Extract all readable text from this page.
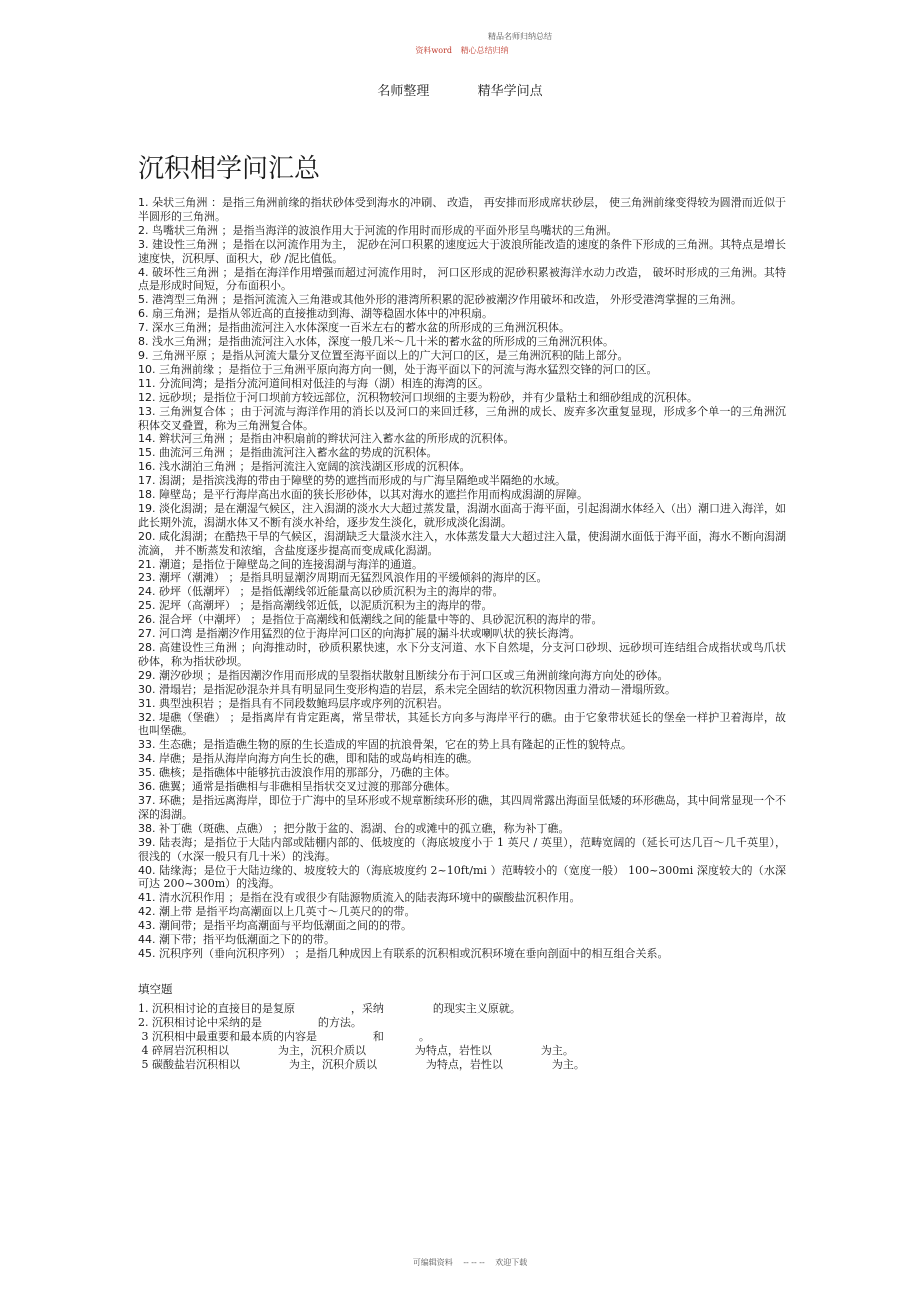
精品名师归纳总结
资料word 精心总结归纳
名师整理	精华学问点
沉积相学问汇总

1. 朵状三角洲 ：是指三角洲前缘的指状砂体受到海水的冲刷、 改造， 再安排而形成席状砂层， 使三角洲前缘变得较为圆滑而近似于半圆形的三角洲。

2. 鸟嘴状三角洲 ；是指当海洋的波浪作用大于河流的作用时而形成的平面外形呈鸟嘴状的三角洲。

3. 建设性三角洲 ；是指在以河流作用为主， 泥砂在河口积累的速度远大于波浪所能改造的速度的条件下形成的三角洲。其特点是增长速度快，沉积厚、面积大，砂 /泥比值低。

4. 破坏性三角洲 ；是指在海洋作用增强而超过河流作用时， 河口区形成的泥砂积累被海洋水动力改造， 破坏时形成的三角洲。其特点是形成时间短，分布面积小。

5. 港湾型三角洲 ；是指河流流入三角港或其他外形的港湾所积累的泥砂被潮汐作用破坏和改造， 外形受港湾掌握的三角洲。

6. 扇三角洲；是指从邻近高的直接推动到海、湖等稳固水体中的冲积扇。

7. 深水三角洲；是指曲流河注入水体深度一百米左右的蓄水盆的所形成的三角洲沉积体。

8. 浅水三角洲；是指曲流河注入水体，深度一般几米～几十米的蓄水盆的所形成的三角洲沉积体。

9. 三角洲平原 ；是指从河流大量分叉位置至海平面以上的广大河口的区，是三角洲沉积的陆上部分。

10. 三角洲前缘 ；是指位于三角洲平原向海方向一侧，处于海平面以下的河流与海水猛烈交锋的河口的区。

11. 分流间湾；是指分流河道间相对低洼的与海（湖）相连的海湾的区。

12. 远砂坝；是指位于河口坝前方较远部位，沉积物较河口坝细的主要为粉砂，并有少量粘土和细砂组成的沉积体。

13. 三角洲复合体 ；由于河流与海洋作用的消长以及河口的来回迁移，三角洲的成长、废弃多次重复显现，形成多个单一的三角洲沉积体交叉叠置，称为三角洲复合体。

14. 辫状河三角洲 ；是指由冲积扇前的辫状河注入蓄水盆的所形成的沉积体。

15. 曲流河三角洲 ；是指曲流河注入蓄水盆的势成的沉积体。

16. 浅水湖泊三角洲 ；是指河流注入宽阔的滨浅湖区形成的沉积体。

17. 潟湖；是指滨浅海的带由于障壁的势的遮挡而形成的与广海呈隔绝或半隔绝的水域。

18. 障壁岛；是平行海岸高出水面的狭长形砂体，以其对海水的遮拦作用而构成潟湖的屏障。

19. 淡化潟湖；是在潮湿气候区，注入潟湖的淡水大大超过蒸发量，潟湖水面高于海平面，引起潟湖水体经入（出）潮口进入海洋，如此长期外流，潟湖水体又不断有淡水补给，逐步发生淡化，就形成淡化潟湖。

20. 咸化潟湖；在酷热干旱的气候区，潟湖缺乏大量淡水注入，水体蒸发量大大超过注入量，使潟湖水面低于海平面，海水不断向潟湖流滴， 并不断蒸发和浓缩，含盐度逐步提高而变成咸化潟湖。

21. 潮道；是指位于障壁岛之间的连接潟湖与海洋的通道。

23. 潮坪（潮滩） ；是指具明显潮汐周期而无猛烈风浪作用的平缓倾斜的海岸的区。

24. 砂坪（低潮坪） ；是指低潮线邻近能量高以砂质沉积为主的海岸的带。

25. 泥坪（高潮坪） ；是指高潮线邻近低，以泥质沉积为主的海岸的带。

26. 混合坪（中潮坪） ；是指位于高潮线和低潮线之间的能量中等的、具砂泥沉积的海岸的带。

27. 河口湾 是指潮汐作用猛烈的位于海岸河口区的向海扩展的漏斗状或喇叭状的狭长海湾。

28. 高建设性三角洲 ；向海推动时，砂质积累快速，水下分支河道、水下自然堤，分支河口砂坝、远砂坝可连结组合成指状或鸟爪状砂体，称为指状砂坝。

29. 潮汐砂坝 ；是指因潮汐作用而形成的呈裂指状散射且断续分布于河口区或三角洲前缘向海方向处的砂体。

30. 滑塌岩；是指泥砂混杂并具有明显同生变形构造的岩层，系未完全固结的软沉积物因重力滑动－滑塌所致。

31. 典型浊积岩 ；是指具有不同段数鲍玛层序或序列的沉积岩。

32. 堤礁（堡礁） ；是指离岸有肯定距离，常呈带状，其延长方向多与海岸平行的礁。由于它象带状延长的堡垒一样护卫着海岸，故也叫堡礁。

33. 生态礁；是指造礁生物的原的生长造成的牢固的抗浪骨架，它在的势上具有隆起的正性的貌特点。

34. 岸礁；是指从海岸向海方向生长的礁，即和陆的或岛屿相连的礁。

35. 礁核；是指礁体中能够抗击波浪作用的那部分，乃礁的主体。

36. 礁翼；通常是指礁相与非礁相呈指状交叉过渡的那部分礁体。

37. 环礁；是指远离海岸，即位于广海中的呈环形或不规章断续环形的礁，其四周常露出海面呈低矮的环形礁岛，其中间常显现一个不深的潟湖。

38. 补丁礁（斑礁、点礁） ；把分散于盆的、潟湖、台的或滩中的孤立礁，称为补丁礁。

39. 陆表海；是指位于大陆内部或陆棚内部的、低坡度的（海底坡度小于 1 英尺 / 英里），范畴宽阔的（延长可达几百～几千英里），很浅的（水深一般只有几十米）的浅海。

40. 陆缘海；是位于大陆边缘的、坡度较大的（海底坡度约 2~10ft/mi ）范畴较小的（宽度一般） 100~300mi 深度较大的（水深可达 200~300m）的浅海。

41. 清水沉积作用 ；是指在没有或很少有陆源物质流入的陆表海环境中的碳酸盐沉积作用。

42. 潮上带 是指平均高潮面以上几英寸～几英尺的的带。

43. 潮间带；是指平均高潮面与平均低潮面之间的的带。

44. 潮下带；指平均低潮面之下的的带。

45. 沉积序列（垂向沉积序列） ；是指几种成因上有联系的沉积相或沉积环境在垂向剖面中的相互组合关系。

填空题

1. 沉积相讨论的直接目的是复原                ，采纳              的现实主义原就。

2. 沉积相讨论中采纳的是                的方法。

3 沉积相中最重要和最本质的内容是                和          。

4 碎屑岩沉积相以              为主，沉积介质以              为特点，岩性以              为主。

5 碳酸盐岩沉积相以              为主，沉积介质以              为特点，岩性以              为主。

可编辑资料 -- -- -- 欢迎下载
